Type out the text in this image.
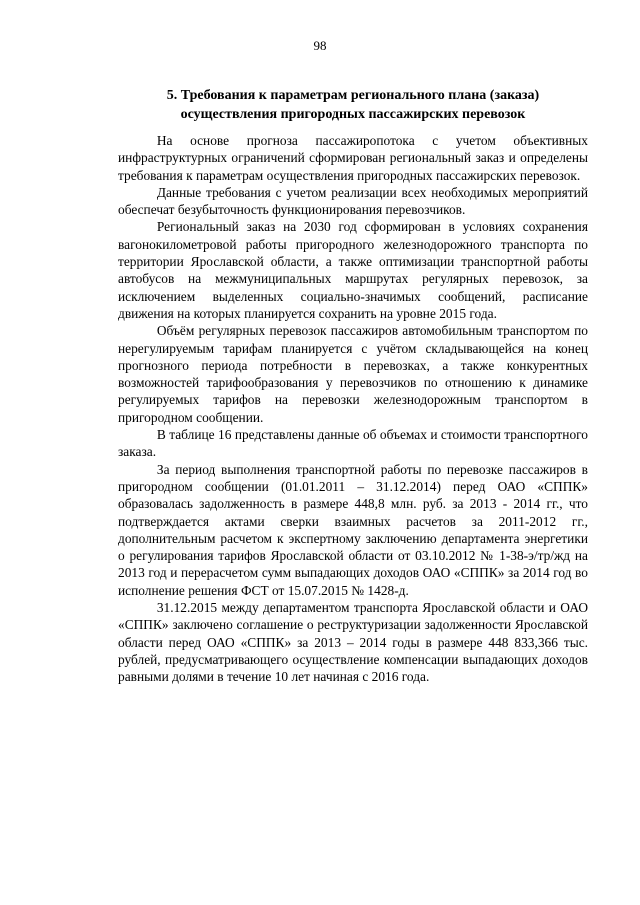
98
5. Требования к параметрам регионального плана (заказа)
осуществления пригородных пассажирских перевозок

На основе прогноза пассажиропотока с учетом объективных инфраструктурных ограничений сформирован региональный заказ и определены требования к параметрам осуществления пригородных пассажирских перевозок.

Данные требования с учетом реализации всех необходимых мероприятий обеспечат безубыточность функционирования перевозчиков.

Региональный заказ на 2030 год сформирован в условиях сохранения вагонокилометровой работы пригородного железнодорожного транспорта по территории Ярославской области, а также оптимизации транспортной работы автобусов на межмуниципальных маршрутах регулярных перевозок, за исключением выделенных социально-значимых сообщений, расписание движения на которых планируется сохранить на уровне 2015 года.

Объём регулярных перевозок пассажиров автомобильным транспортом по нерегулируемым тарифам планируется с учётом складывающейся на конец прогнозного периода потребности в перевозках, а также конкурентных возможностей тарифообразования у перевозчиков по отношению к динамике регулируемых тарифов на перевозки железнодорожным транспортом в пригородном сообщении.

В таблице 16 представлены данные об объемах и стоимости транспортного заказа.

За период выполнения транспортной работы по перевозке пассажиров в пригородном сообщении (01.01.2011 – 31.12.2014) перед ОАО «СППК» образовалась задолженность в размере 448,8 млн. руб. за 2013 - 2014 гг., что подтверждается актами сверки взаимных расчетов за 2011-2012 гг., дополнительным расчетом к экспертному заключению департамента энергетики о регулирования тарифов Ярославской области от 03.10.2012 № 1-38-э/тр/жд на 2013 год и перерасчетом сумм выпадающих доходов ОАО «СППК» за 2014 год во исполнение решения ФСТ от 15.07.2015 № 1428-д.

31.12.2015 между департаментом транспорта Ярославской области и ОАО «СППК» заключено соглашение о реструктуризации задолженности Ярославской области перед ОАО «СППК» за 2013 – 2014 годы в размере 448 833,366 тыс. рублей, предусматривающего осуществление компенсации выпадающих доходов равными долями в течение 10 лет начиная с 2016 года.
